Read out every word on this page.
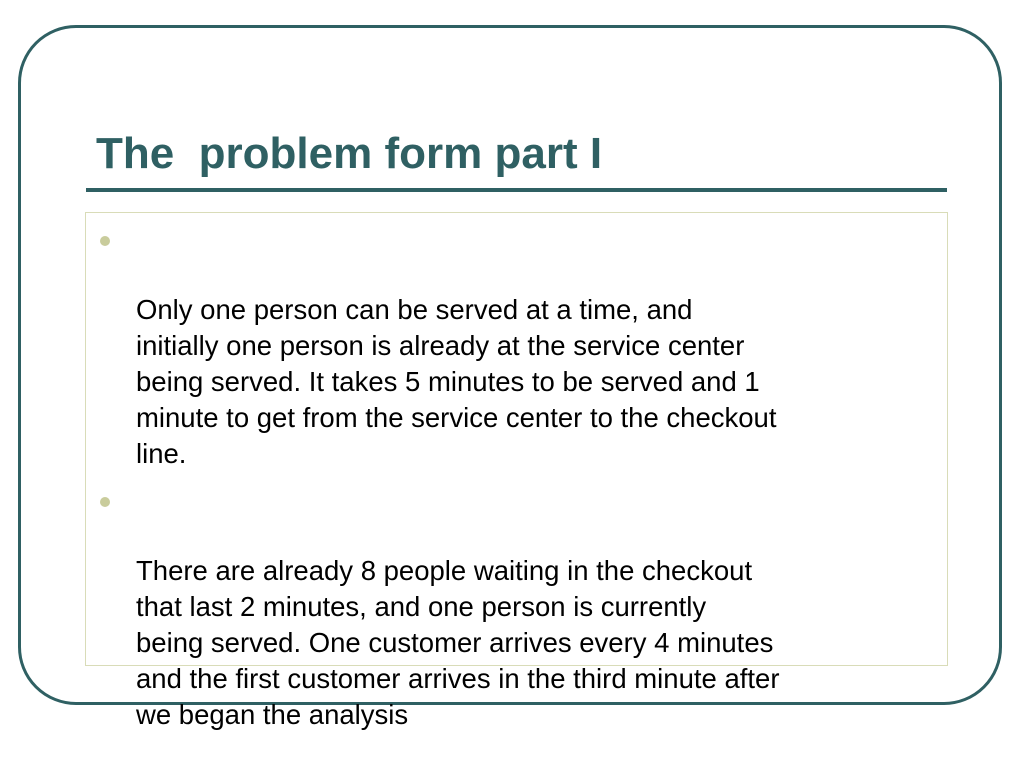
The  problem form part I

Only one person can be served at a time, and
initially one person is already at the service center
being served. It takes 5 minutes to be served and 1
minute to get from the service center to the checkout
line.

There are already 8 people waiting in the checkout
that last 2 minutes, and one person is currently
being served. One customer arrives every 4 minutes
and the first customer arrives in the third minute after
we began the analysis
